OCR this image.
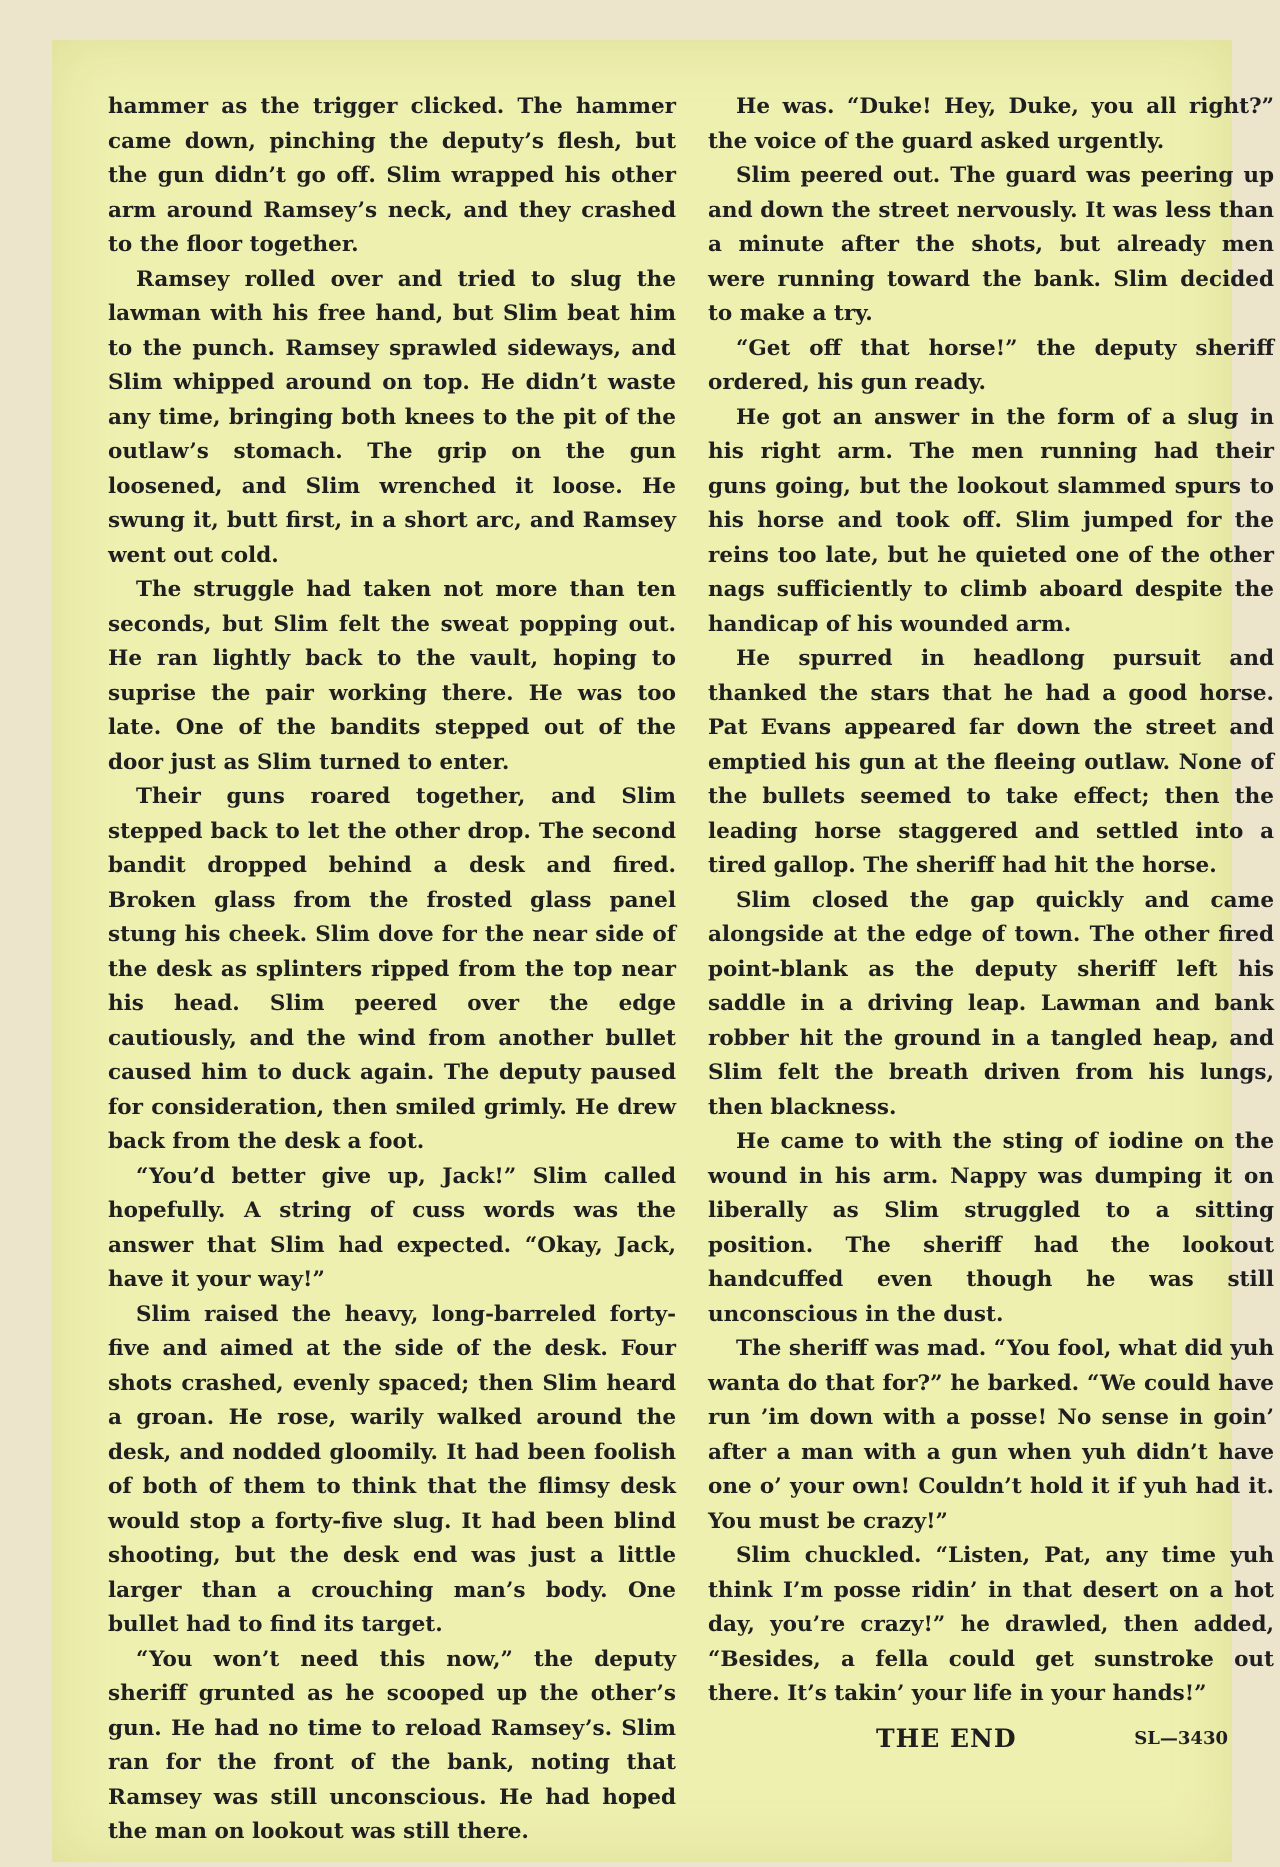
hammer as the trigger clicked. The hammer came down, pinching the deputy’s flesh, but the gun didn’t go off. Slim wrapped his other arm around Ramsey’s neck, and they crashed to the floor together.

Ramsey rolled over and tried to slug the lawman with his free hand, but Slim beat him to the punch. Ramsey sprawled sideways, and Slim whipped around on top. He didn’t waste any time, bringing both knees to the pit of the outlaw’s stomach. The grip on the gun loosened, and Slim wrenched it loose. He swung it, butt first, in a short arc, and Ramsey went out cold.

The struggle had taken not more than ten seconds, but Slim felt the sweat popping out. He ran lightly back to the vault, hoping to suprise the pair working there. He was too late. One of the bandits stepped out of the door just as Slim turned to enter.

Their guns roared together, and Slim stepped back to let the other drop. The second bandit dropped behind a desk and fired. Broken glass from the frosted glass panel stung his cheek. Slim dove for the near side of the desk as splinters ripped from the top near his head. Slim peered over the edge cautiously, and the wind from another bullet caused him to duck again. The deputy paused for consideration, then smiled grimly. He drew back from the desk a foot.

“You’d better give up, Jack!” Slim called hopefully. A string of cuss words was the answer that Slim had expected. “Okay, Jack, have it your way!”

Slim raised the heavy, long-barreled forty-five and aimed at the side of the desk. Four shots crashed, evenly spaced; then Slim heard a groan. He rose, warily walked around the desk, and nodded gloomily. It had been foolish of both of them to think that the flimsy desk would stop a forty-five slug. It had been blind shooting, but the desk end was just a little larger than a crouching man’s body. One bullet had to find its target.

“You won’t need this now,” the deputy sheriff grunted as he scooped up the other’s gun. He had no time to reload Ramsey’s. Slim ran for the front of the bank, noting that Ramsey was still unconscious. He had hoped the man on lookout was still there.

He was. “Duke! Hey, Duke, you all right?” the voice of the guard asked urgently.

Slim peered out. The guard was peering up and down the street nervously. It was less than a minute after the shots, but already men were running toward the bank. Slim decided to make a try.

“Get off that horse!” the deputy sheriff ordered, his gun ready.

He got an answer in the form of a slug in his right arm. The men running had their guns going, but the lookout slammed spurs to his horse and took off. Slim jumped for the reins too late, but he quieted one of the other nags sufficiently to climb aboard despite the handicap of his wounded arm.

He spurred in headlong pursuit and thanked the stars that he had a good horse. Pat Evans appeared far down the street and emptied his gun at the fleeing outlaw. None of the bullets seemed to take effect; then the leading horse staggered and settled into a tired gallop. The sheriff had hit the horse.

Slim closed the gap quickly and came alongside at the edge of town. The other fired point-blank as the deputy sheriff left his saddle in a driving leap. Lawman and bank robber hit the ground in a tangled heap, and Slim felt the breath driven from his lungs, then blackness.

He came to with the sting of iodine on the wound in his arm. Nappy was dumping it on liberally as Slim struggled to a sitting position. The sheriff had the lookout handcuffed even though he was still unconscious in the dust.

The sheriff was mad. “You fool, what did yuh wanta do that for?” he barked. “We could have run ’im down with a posse! No sense in goin’ after a man with a gun when yuh didn’t have one o’ your own! Couldn’t hold it if yuh had it. You must be crazy!”

Slim chuckled. “Listen, Pat, any time yuh think I’m posse ridin’ in that desert on a hot day, you’re crazy!” he drawled, then added, “Besides, a fella could get sunstroke out there. It’s takin’ your life in your hands!”

THE END	SL—3430
